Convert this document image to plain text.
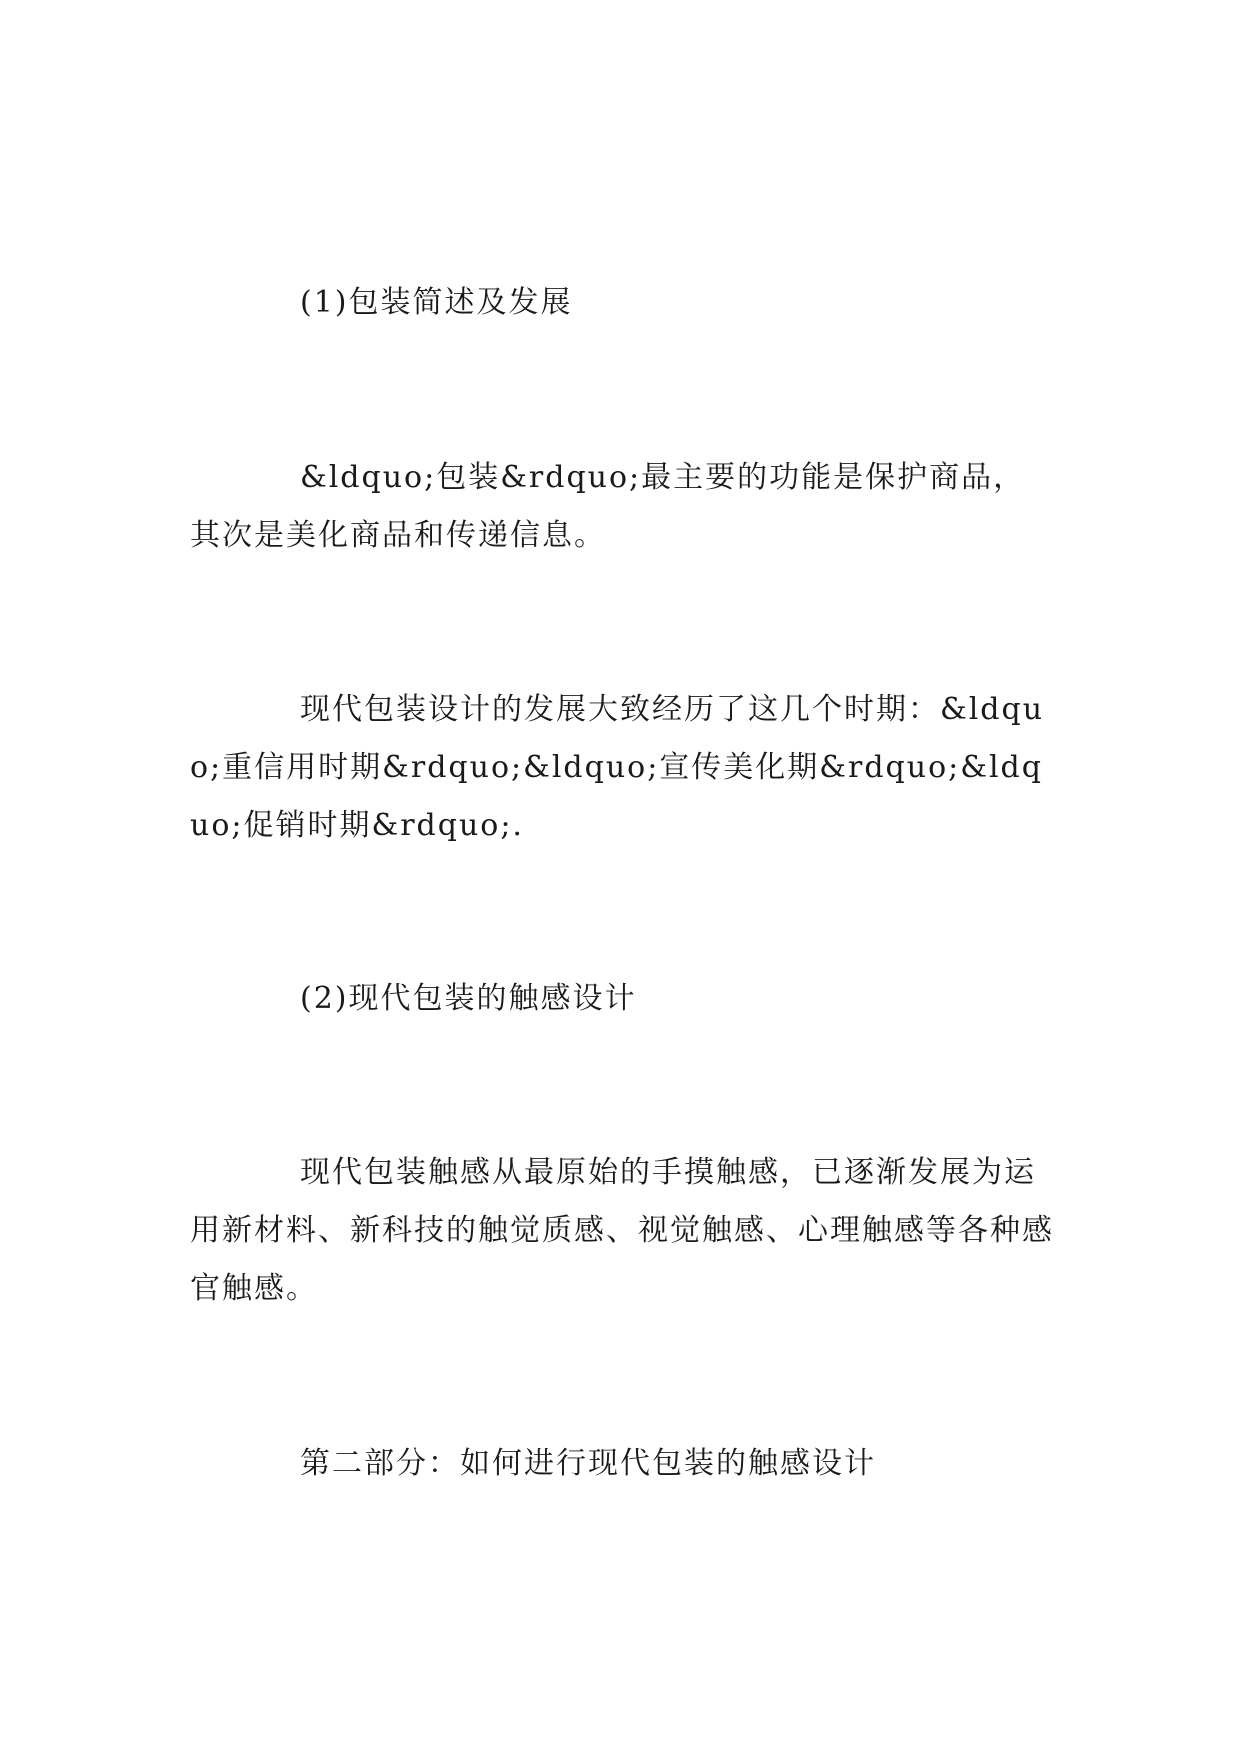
(1)包装简述及发展

&ldquo;包装&rdquo;最主要的功能是保护商品， 其次是美化商品和传递信息。

现代包装设计的发展大致经历了这几个时期：&ldquo;重信用时期&rdquo;&ldquo;宣传美化期&rdquo;&ldquo;促销时期&rdquo;.

(2)现代包装的触感设计

现代包装触感从最原始的手摸触感，已逐渐发展为运用新材料、新科技的触觉质感、视觉触感、心理触感等各种感官触感。

第二部分：如何进行现代包装的触感设计
